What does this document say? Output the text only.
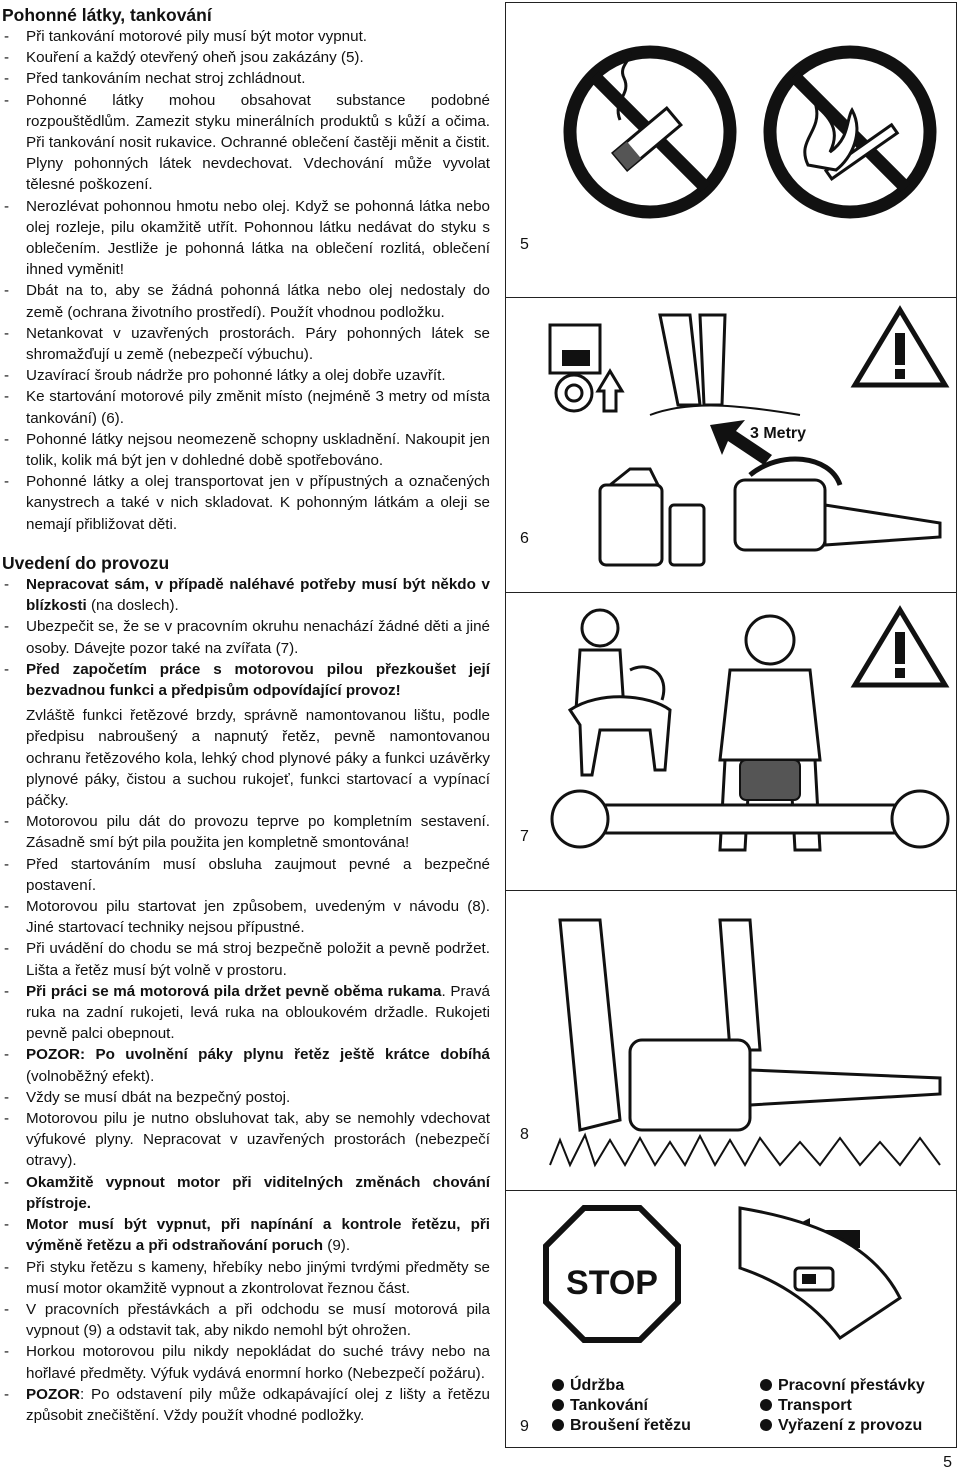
Pohonné látky, tankování
- Při tankování motorové pily musí být motor vypnut.
- Kouření a každý otevřený oheň jsou zakázány (5).
- Před tankováním nechat stroj zchládnout.
- Pohonné látky mohou obsahovat substance podobné rozpouštědlům. Zamezit styku minerálních produktů s kůží a očima. Při tankování nosit rukavice. Ochranné oblečení častěji měnit a čistit. Plyny pohonných látek nevdechovat. Vdechování může vyvolat tělesné poškození.
- Nerozlévat pohonnou hmotu nebo olej. Když se pohonná látka nebo olej rozleje, pilu okamžitě utřít. Pohonnou látku nedávat do styku s oblečením. Jestliže je pohonná látka na oblečení rozlitá, oblečení ihned vyměnit!
- Dbát na to, aby se žádná pohonná látka nebo olej nedostaly do země (ochrana životního prostředí). Použít vhodnou podložku.
- Netankovat v uzavřených prostorách. Páry pohonných látek se shromažďují u země (nebezpečí výbuchu).
- Uzavírací šroub nádrže pro pohonné látky a olej dobře uzavřít.
- Ke startování motorové pily změnit místo (nejméně 3 metry od místa tankování) (6).
- Pohonné látky nejsou neomezeně schopny uskladnění. Nakoupit jen tolik, kolik má být jen v dohledné době spotřebováno.
- Pohonné látky a olej transportovat jen v přípustných a označených kanystrech a také v nich skladovat. K pohonným látkám a oleji se nemají přibližovat děti.
Uvedení do provozu
- Nepracovat sám, v případě naléhavé potřeby musí být někdo v blízkosti (na doslech).
- Ubezpečit se, že se v pracovním okruhu nenachází žádné děti a jiné osoby. Dávejte pozor také na zvířata (7).
- Před započetím práce s motorovou pilou přezkoušet její bezvadnou funkci a předpisům odpovídající provoz!
Zvláště funkci řetězové brzdy, správně namontovanou lištu, podle předpisu nabroušený a napnutý řetěz, pevně namontovanou ochranu řetězového kola, lehký chod plynové páky a funkci uzávěrky plynové páky, čistou a suchou rukojeť, funkci startovací a vypínací páčky.
- Motorovou pilu dát do provozu teprve po kompletním sestavení. Zásadně smí být pila použita jen kompletně smontována!
- Před startováním musí obsluha zaujmout pevné a bezpečné postavení.
- Motorovou pilu startovat jen způsobem, uvedeným v návodu (8). Jiné startovací techniky nejsou přípustné.
- Při uvádění do chodu se má stroj bezpečně položit a pevně podržet. Lišta a řetěz musí být volně v prostoru.
- Při práci se má motorová pila držet pevně oběma rukama. Pravá ruka na zadní rukojeti, levá ruka na obloukovém držadle. Rukojeti pevně palci obepnout.
- POZOR: Po uvolnění páky plynu řetěz ještě krátce dobíhá (volnoběžný efekt).
- Vždy se musí dbát na bezpečný postoj.
- Motorovou pilu je nutno obsluhovat tak, aby se nemohly vdechovat výfukové plyny. Nepracovat v uzavřených prostorách (nebezpečí otravy).
- Okamžitě vypnout motor při viditelných změnách chování přístroje.
- Motor musí být vypnut, při napínání a kontrole řetězu, při výměně řetězu a při odstraňování poruch (9).
- Při styku řetězu s kameny, hřebíky nebo jinými tvrdými předměty se musí motor okamžitě vypnout a zkontrolovat řeznou část.
- V pracovních přestávkách a při odchodu se musí motorová pila vypnout (9) a odstavit tak, aby nikdo nemohl být ohrožen.
- Horkou motorovou pilu nikdy nepokládat do suché trávy nebo na hořlavé předměty. Výfuk vydává enormní horko (Nebezpečí požáru).
- POZOR: Po odstavení pily může odkapávající olej z lišty a řetězu způsobit znečištění. Vždy použít vhodné podložky.
5
6
7
8
9
3 Metry
STOP
Údržba
Tankování
Broušení řetězu
Pracovní přestávky
Transport
Vyřazení z provozu
5
